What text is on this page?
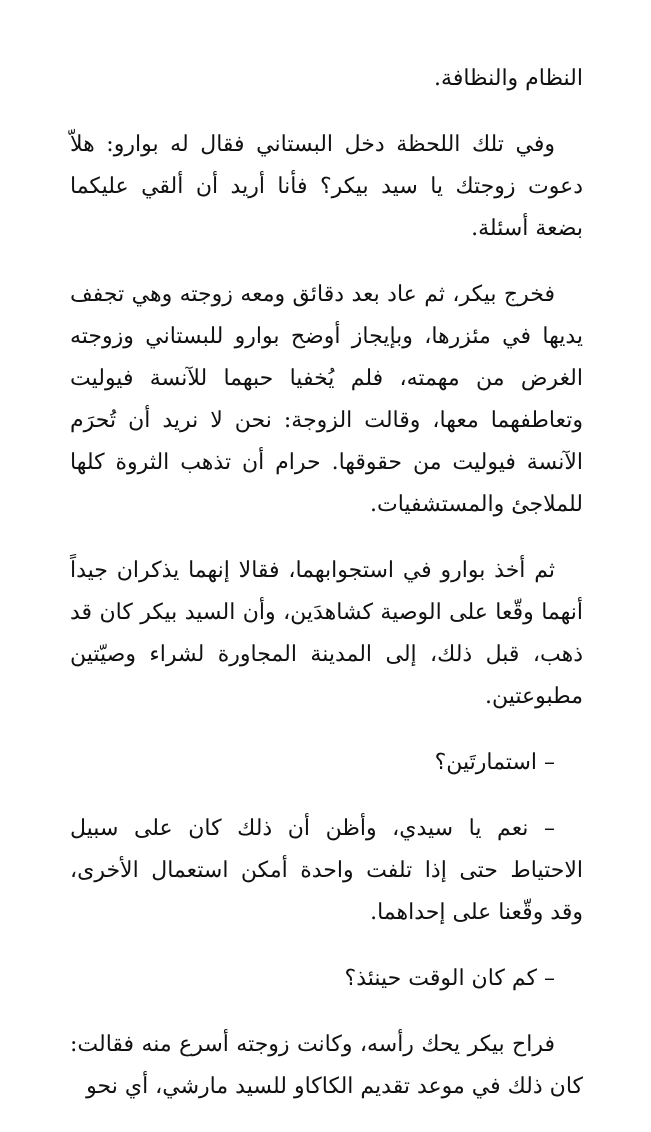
النظام والنظافة.

وفي تلك اللحظة دخل البستاني فقال له بوارو: هلاّ دعوت زوجتك يا سيد بيكر؟ فأنا أريد أن ألقي عليكما بضعة أسئلة.

فخرج بيكر، ثم عاد بعد دقائق ومعه زوجته وهي تجفف يديها في مئزرها، وبإيجاز أوضح بوارو للبستاني وزوجته الغرض من مهمته، فلم يُخفيا حبهما للآنسة فيوليت وتعاطفهما معها، وقالت الزوجة: نحن لا نريد أن تُحرَم الآنسة فيوليت من حقوقها. حرام أن تذهب الثروة كلها للملاجئ والمستشفيات.

ثم أخذ بوارو في استجوابهما، فقالا إنهما يذكران جيداً أنهما وقّعا على الوصية كشاهدَين، وأن السيد بيكر كان قد ذهب، قبل ذلك، إلى المدينة المجاورة لشراء وصيّتين مطبوعتين.

– استمارتَين؟

– نعم يا سيدي، وأظن أن ذلك كان على سبيل الاحتياط حتى إذا تلفت واحدة أمكن استعمال الأخرى، وقد وقّعنا على إحداهما.

– كم كان الوقت حينئذ؟

فراح بيكر يحك رأسه، وكانت زوجته أسرع منه فقالت: كان ذلك في موعد تقديم الكاكاو للسيد مارشي، أي نحو
